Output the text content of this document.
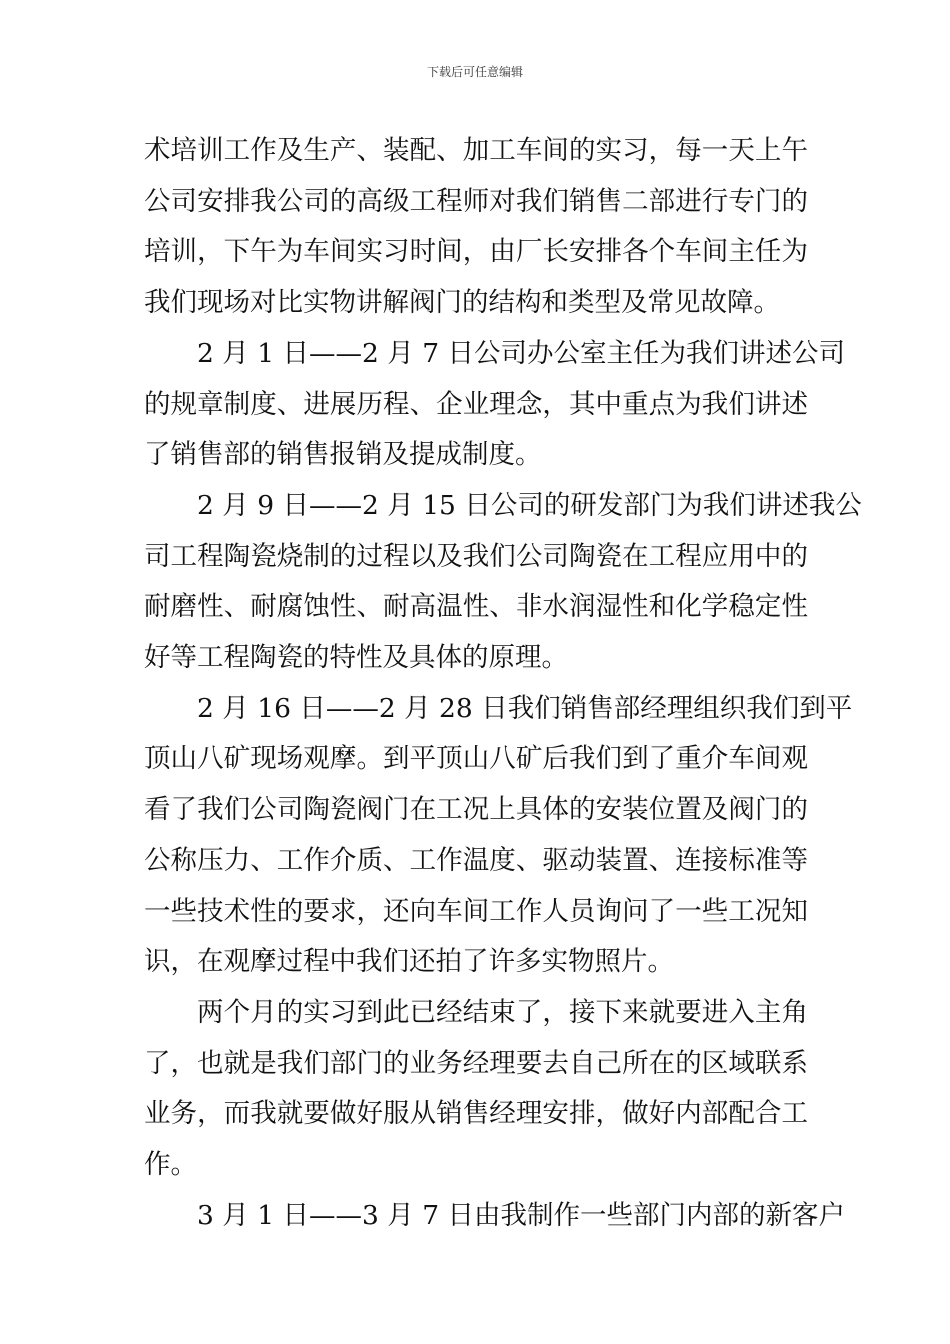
下载后可任意编辑

术培训工作及生产、装配、加工车间的实习，每一天上午
公司安排我公司的高级工程师对我们销售二部进行专门的
培训，下午为车间实习时间，由厂长安排各个车间主任为
我们现场对比实物讲解阀门的结构和类型及常见故障。

2 月 1 日——2 月 7 日公司办公室主任为我们讲述公司
的规章制度、进展历程、企业理念，其中重点为我们讲述
了销售部的销售报销及提成制度。

2 月 9 日——2 月 15 日公司的研发部门为我们讲述我公
司工程陶瓷烧制的过程以及我们公司陶瓷在工程应用中的
耐磨性、耐腐蚀性、耐高温性、非水润湿性和化学稳定性
好等工程陶瓷的特性及具体的原理。

2 月 16 日——2 月 28 日我们销售部经理组织我们到平
顶山八矿现场观摩。到平顶山八矿后我们到了重介车间观
看了我们公司陶瓷阀门在工况上具体的安装位置及阀门的
公称压力、工作介质、工作温度、驱动装置、连接标准等
一些技术性的要求，还向车间工作人员询问了一些工况知
识，在观摩过程中我们还拍了许多实物照片。

两个月的实习到此已经结束了，接下来就要进入主角
了，也就是我们部门的业务经理要去自己所在的区域联系
业务，而我就要做好服从销售经理安排，做好内部配合工
作。

3 月 1 日——3 月 7 日由我制作一些部门内部的新客户
